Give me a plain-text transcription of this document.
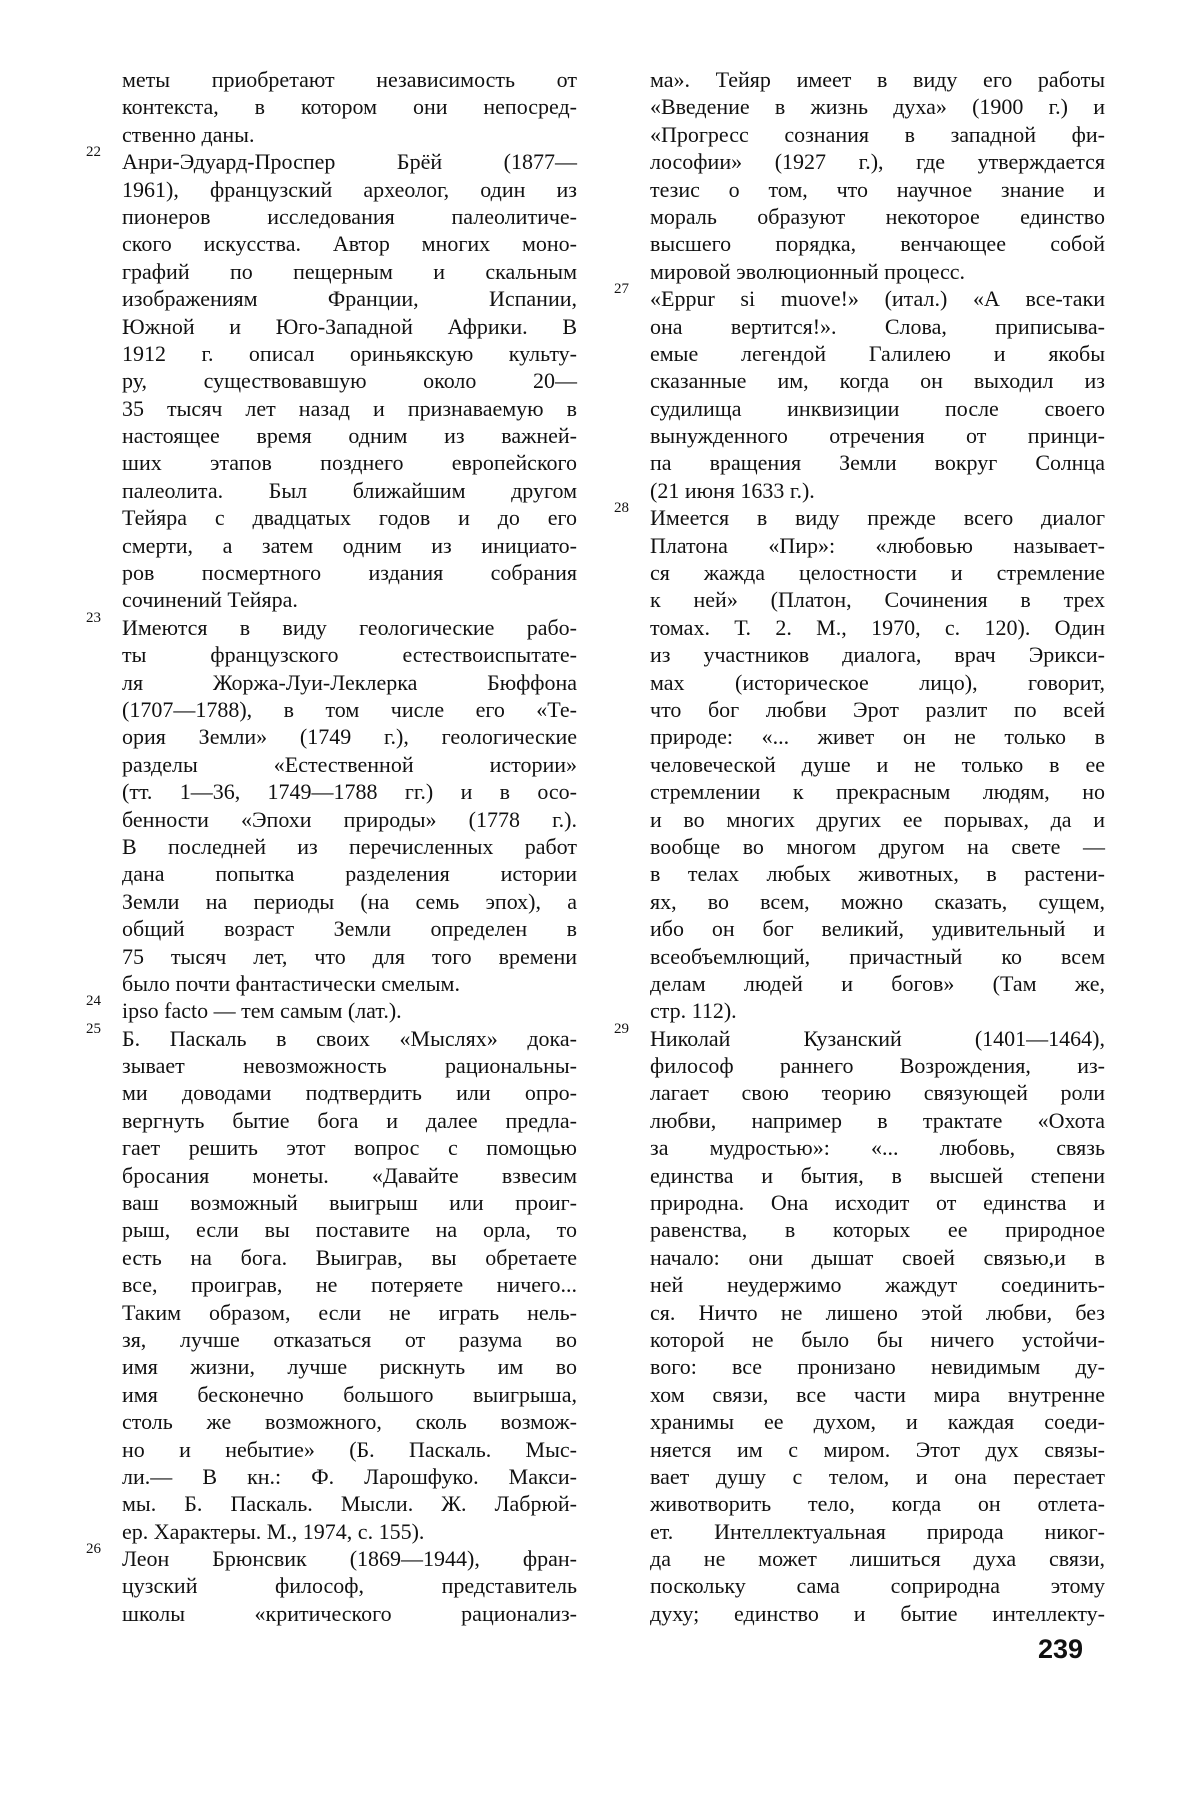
меты приобретают независимость от
контекста, в котором они непосред-
ственно даны.
22 Анри-Эдуард-Проспер Брёй (1877—
1961), французский археолог, один из
пионеров исследования палеолитиче-
ского искусства. Автор многих моно-
графий по пещерным и скальным
изображениям Франции, Испании,
Южной и Юго-Западной Африки. В
1912 г. описал ориньякскую культу-
ру, существовавшую около 20—
35 тысяч лет назад и признаваемую в
настоящее время одним из важней-
ших этапов позднего европейского
палеолита. Был ближайшим другом
Тейяра с двадцатых годов и до его
смерти, а затем одним из инициато-
ров посмертного издания собрания
сочинений Тейяра.
23 Имеются в виду геологические рабо-
ты французского естествоиспытате-
ля Жоржа-Луи-Леклерка Бюффона
(1707—1788), в том числе его «Те-
ория Земли» (1749 г.), геологические
разделы «Естественной истории»
(тт. 1—36, 1749—1788 гг.) и в осо-
бенности «Эпохи природы» (1778 г.).
В последней из перечисленных работ
дана попытка разделения истории
Земли на периоды (на семь эпох), а
общий возраст Земли определен в
75 тысяч лет, что для того времени
было почти фантастически смелым.
24 ipso facto — тем самым (лат.).
25 Б. Паскаль в своих «Мыслях» дока-
зывает невозможность рациональны-
ми доводами подтвердить или опро-
вергнуть бытие бога и далее предла-
гает решить этот вопрос с помощью
бросания монеты. «Давайте взвесим
ваш возможный выигрыш или проиг-
рыш, если вы поставите на орла, то
есть на бога. Выиграв, вы обретаете
все, проиграв, не потеряете ничего...
Таким образом, если не играть нель-
зя, лучше отказаться от разума во
имя жизни, лучше рискнуть им во
имя бесконечно большого выигрыша,
столь же возможного, сколь возмож-
но и небытие» (Б. Паскаль. Мыс-
ли.— В кн.: Ф. Ларошфуко. Макси-
мы. Б. Паскаль. Мысли. Ж. Лабрюй-
ер. Характеры. М., 1974, с. 155).
26 Леон Брюнсвик (1869—1944), фран-
цузский философ, представитель
школы «критического рационализ-
ма». Тейяр имеет в виду его работы
«Введение в жизнь духа» (1900 г.) и
«Прогресс сознания в западной фи-
лософии» (1927 г.), где утверждается
тезис о том, что научное знание и
мораль образуют некоторое единство
высшего порядка, венчающее собой
мировой эволюционный процесс.
27 «Eppur si muove!» (итал.) «А все-таки
она вертится!». Слова, приписыва-
емые легендой Галилею и якобы
сказанные им, когда он выходил из
судилища инквизиции после своего
вынужденного отречения от принци-
па вращения Земли вокруг Солнца
(21 июня 1633 г.).
28 Имеется в виду прежде всего диалог
Платона «Пир»: «любовью называет-
ся жажда целостности и стремление
к ней» (Платон, Сочинения в трех
томах. Т. 2. М., 1970, с. 120). Один
из участников диалога, врач Эрикси-
мах (историческое лицо), говорит,
что бог любви Эрот разлит по всей
природе: «... живет он не только в
человеческой душе и не только в ее
стремлении к прекрасным людям, но
и во многих других ее порывах, да и
вообще во многом другом на свете —
в телах любых животных, в растени-
ях, во всем, можно сказать, сущем,
ибо он бог великий, удивительный и
всеобъемлющий, причастный ко всем
делам людей и богов» (Там же,
стр. 112).
29 Николай Кузанский (1401—1464),
философ раннего Возрождения, из-
лагает свою теорию связующей роли
любви, например в трактате «Охота
за мудростью»: «... любовь, связь
единства и бытия, в высшей степени
природна. Она исходит от единства и
равенства, в которых ее природное
начало: они дышат своей связью,и в
ней неудержимо жаждут соединить-
ся. Ничто не лишено этой любви, без
которой не было бы ничего устойчи-
вого: все пронизано невидимым ду-
хом связи, все части мира внутренне
хранимы ее духом, и каждая соеди-
няется им с миром. Этот дух связы-
вает душу с телом, и она перестает
животворить тело, когда он отлета-
ет. Интеллектуальная природа никог-
да не может лишиться духа связи,
поскольку сама соприродна этому
духу; единство и бытие интеллекту-
239
